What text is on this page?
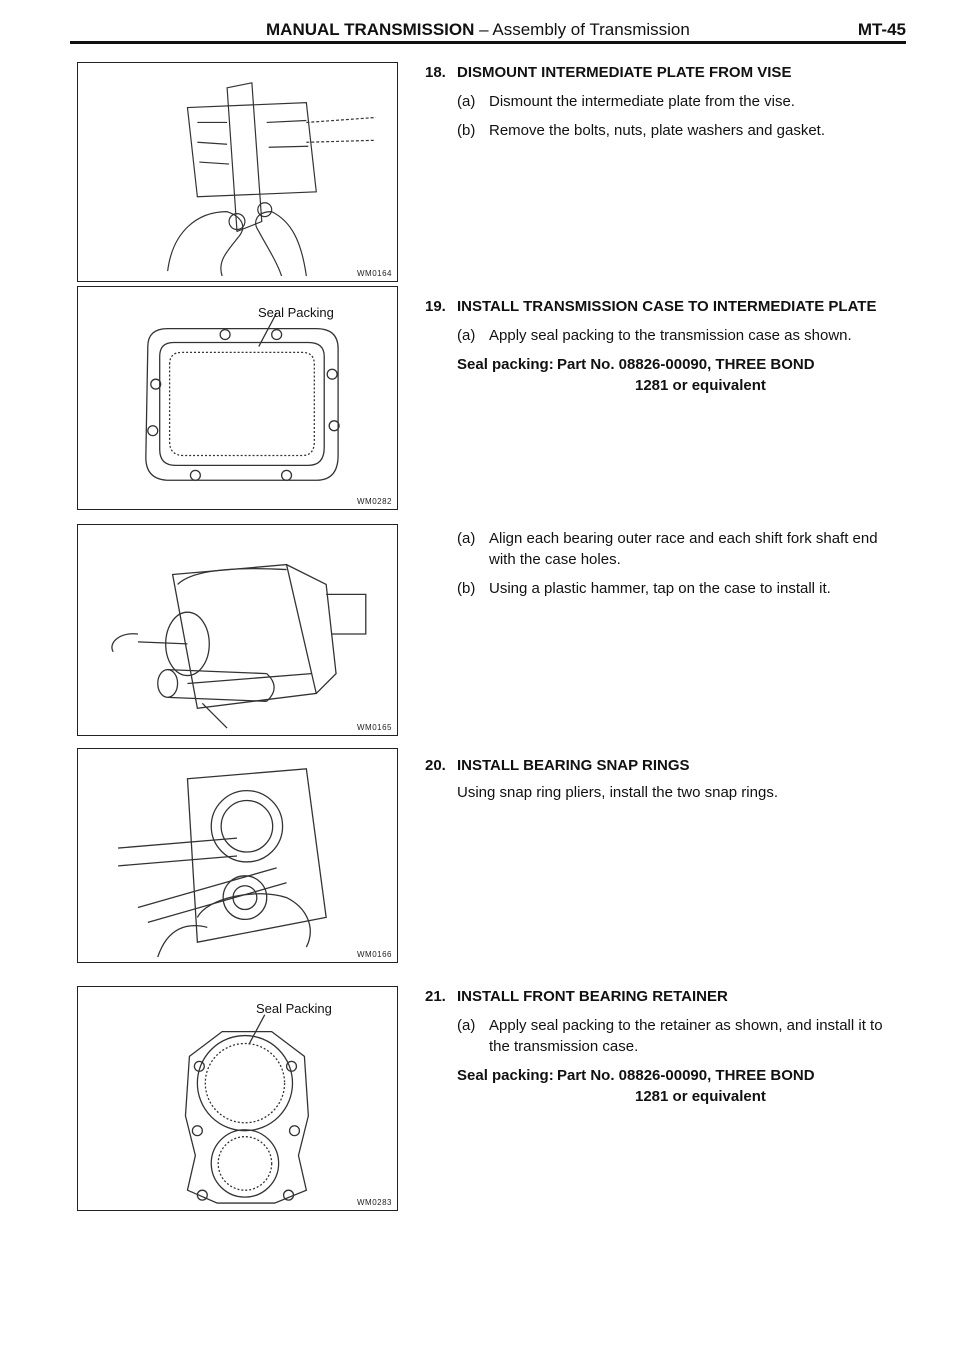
MANUAL TRANSMISSION – Assembly of Transmission	MT-45
WM0164
Seal Packing
WM0282
WM0165
WM0166
Seal Packing
WM0283
18. DISMOUNT INTERMEDIATE PLATE FROM VISE
(a) Dismount the intermediate plate from the vise.
(b) Remove the bolts, nuts, plate washers and gasket.
19. INSTALL TRANSMISSION CASE TO INTERMEDIATE PLATE
(a) Apply seal packing to the transmission case as shown.
Seal packing: Part No. 08826-00090, THREE BOND
1281 or equivalent
(a) Align each bearing outer race and each shift fork shaft end with the case holes.
(b) Using a plastic hammer, tap on the case to install it.
20. INSTALL BEARING SNAP RINGS
Using snap ring pliers, install the two snap rings.
21. INSTALL FRONT BEARING RETAINER
(a) Apply seal packing to the retainer as shown, and install it to the transmission case.
Seal packing: Part No. 08826-00090, THREE BOND
1281 or equivalent
